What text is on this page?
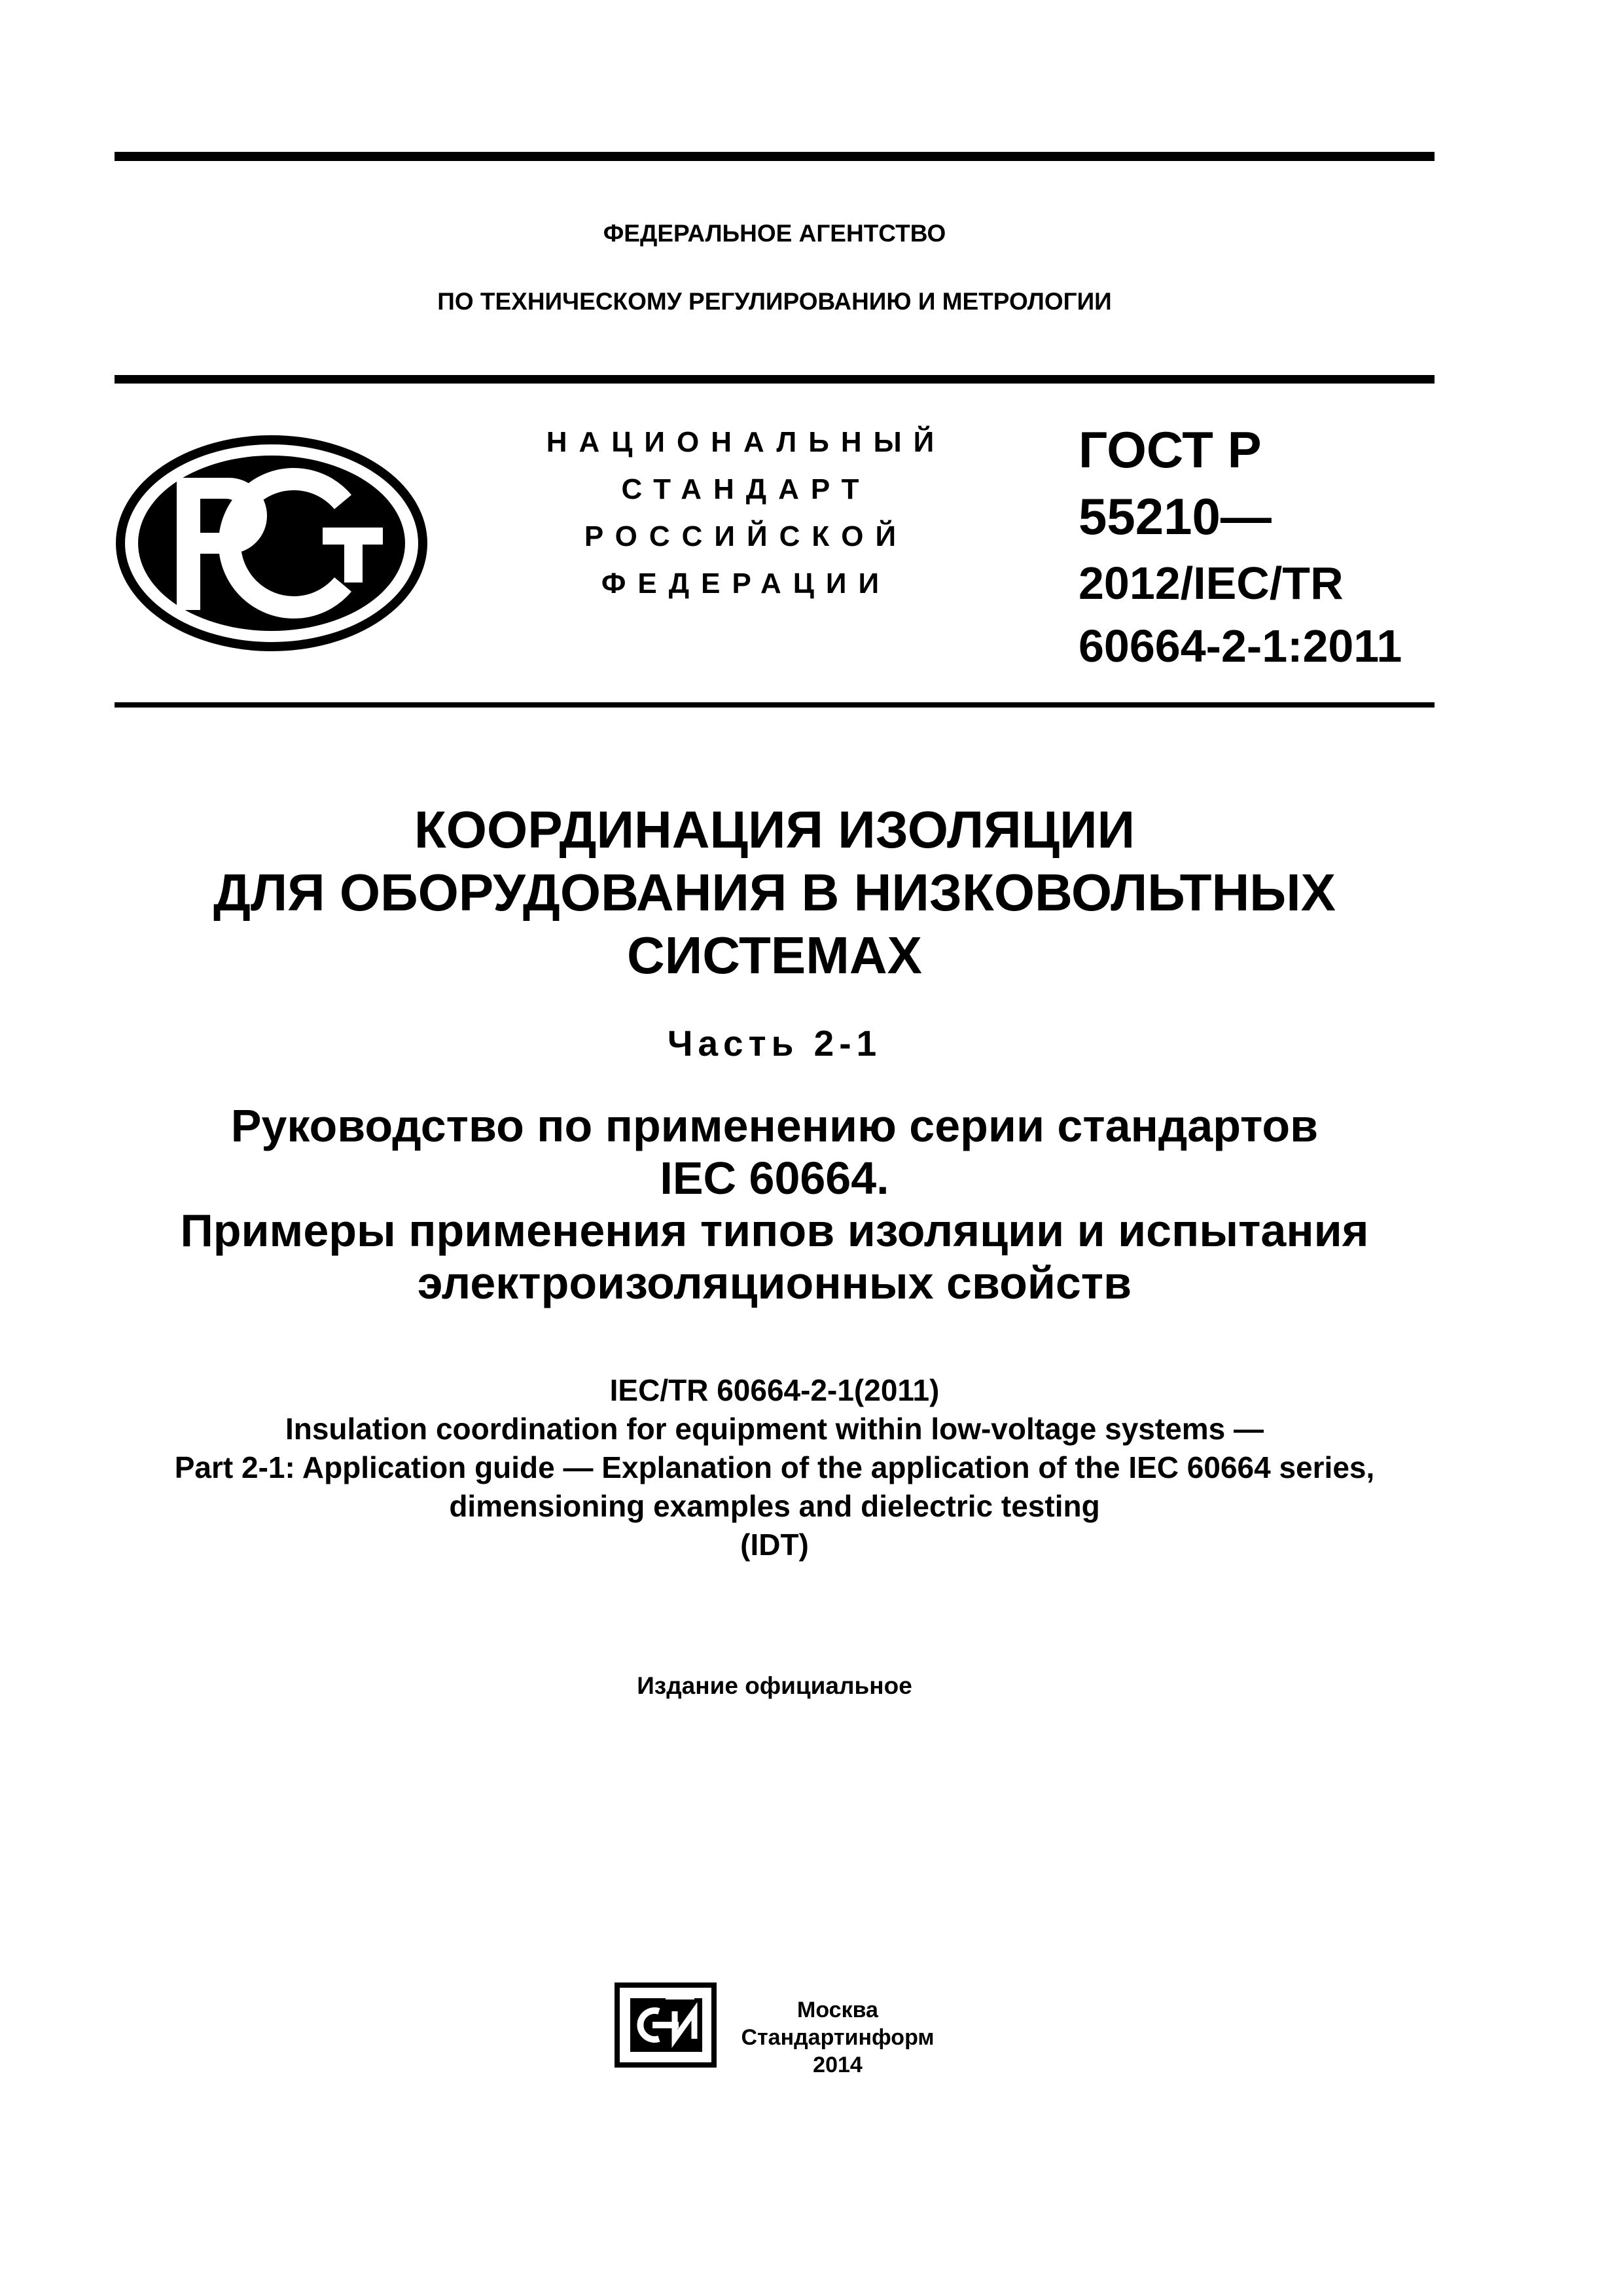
ФЕДЕРАЛЬНОЕ АГЕНТСТВО
ПО ТЕХНИЧЕСКОМУ РЕГУЛИРОВАНИЮ И МЕТРОЛОГИИ
НАЦИОНАЛЬНЫЙ
СТАНДАРТ
РОССИЙСКОЙ
ФЕДЕРАЦИИ
ГОСТ Р
55210—
2012/IEC/TR
60664-2-1:2011
КООРДИНАЦИЯ ИЗОЛЯЦИИ
ДЛЯ ОБОРУДОВАНИЯ В НИЗКОВОЛЬТНЫХ
СИСТЕМАХ
Часть 2-1
Руководство по применению серии стандартов
IEC 60664.
Примеры применения типов изоляции и испытания
электроизоляционных свойств
IEC/TR 60664-2-1(2011)
Insulation coordination for equipment within low-voltage systems —
Part 2-1: Application guide — Explanation of the application of the IEC 60664 series,
dimensioning examples and dielectric testing
(IDT)
Издание официальное
Москва
Стандартинформ
2014
